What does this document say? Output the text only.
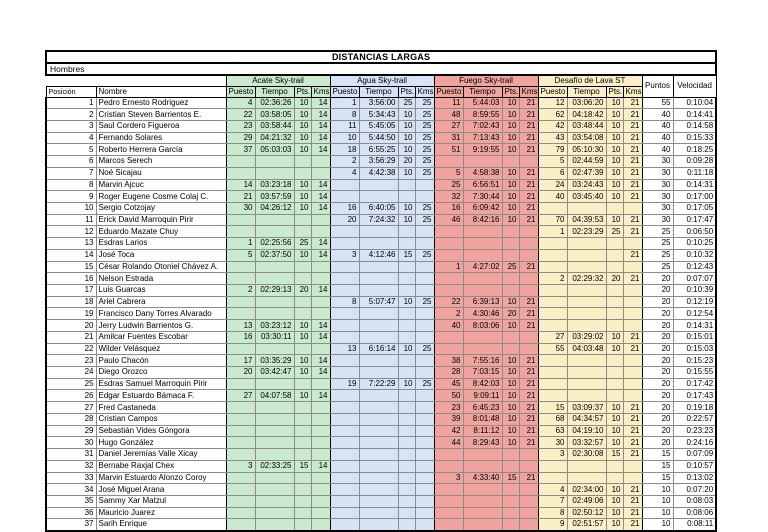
DISTANCIAS LARGAS																			
Hombres																			
		Acate Sky-trail				Agua Sky-trail				Fuego Sky-trail				Desafío de Lava ST				Puntos	Velocidad
Posición	Nombre	Puesto	Tiempo	Pts.	Kms	Puesto	Tiempo	Pts.	Kms	Puesto	Tiempo	Pts.	Kms	Puesto	Tiempo	Pts.	Kms		
1	Pedro Ernesto Rodriguez	4	02:36:26	10	14	1	3:56:00	25	25	11	5:44:03	10	21	12	03:06:20	10	21	55	0:10:04
2	Cristian Steven Barrientos E.	22	03:58:05	10	14	8	5:34:43	10	25	48	8:59:55	10	21	62	04:18:42	10	21	40	0:14:41
3	Saul Cordero Figueroa	23	03:58:44	10	14	11	5:45:05	10	25	27	7:02:43	10	21	42	03:48:44	10	21	40	0:14:58
4	Fernando Solares	29	04:21:32	10	14	10	5:44:50	10	25	31	7:13:43	10	21	43	03:54:08	10	21	40	0:15:33
5	Roberto Herrera García	37	05:03:03	10	14	18	6:55:25	10	25	51	9:19:55	10	21	79	05:10:30	10	21	40	0:18:25
6	Marcos Serech					2	3:56:29	20	25					5	02:44:59	10	21	30	0:09:28
7	Noé Sicajau					4	4:42:38	10	25	5	4:58:38	10	21	6	02:47:39	10	21	30	0:11:18
8	Marvin Ajcuc	14	03:23:18	10	14					25	6:56:51	10	21	24	03:24:43	10	21	30	0:14:31
9	Roger Eugene Cosme Colaj C.	21	03:57:59	10	14					32	7:30:44	10	21	40	03:45:40	10	21	30	0:17:00
10	Sergio Cotzojay	30	04:26:12	10	14	16	6:40:05	10	25	16	6:09:42	10	21					30	0:17:05
11	Erick David Marroquin Pirir					20	7:24:32	10	25	46	8:42:16	10	21	70	04:39:53	10	21	30	0:17:47
12	Eduardo Mazate Chuy													1	02:23:29	25	21	25	0:06:50
13	Esdras Larios	1	02:25:56	25	14													25	0:10:25
14	José Toca	5	02:37:50	10	14	3	4:12:46	15	25								21	25	0:10:32
15	César Rolando Otoniel Chávez A.									1	4:27:02	25	21					25	0:12:43
16	Nelson Estrada													2	02:29:32	20	21	20	0:07:07
17	Luis Guarcas	2	02:29:13	20	14													20	0:10:39
18	Ariel Cabrera					8	5:07:47	10	25	22	6:39:13	10	21					20	0:12:19
19	Francisco Dany Torres Alvarado									2	4:30:46	20	21					20	0:12:54
20	Jerry Ludwin Barrientos G.	13	03:23:12	10	14					40	8:03:06	10	21					20	0:14:31
21	Amilcar Fuentes Escobar	16	03:30:11	10	14									27	03:29:02	10	21	20	0:15:01
22	Wilder Velásquez					13	6:16:14	10	25					55	04:03:48	10	21	20	0:15:03
23	Paulo Chacón	17	03:35:29	10	14					38	7:55:16	10	21					20	0:15:23
24	Diego Orozco	20	03:42:47	10	14					28	7:03:15	10	21					20	0:15:55
25	Esdras Samuel Marroquin Pirir					19	7:22:29	10	25	45	8:42:03	10	21					20	0:17:42
26	Edgar Estuardo Bámaca F.	27	04:07:58	10	14					50	9:09:11	10	21					20	0:17:43
27	Fred Castaneda									23	6:45:23	10	21	15	03:09:37	10	21	20	0:19:18
28	Cristian Campos									39	8:01:48	10	21	68	04:34:57	10	21	20	0:22:57
29	Sebastián Vides Góngora									42	8:11:12	10	21	63	04:19:10	10	21	20	0:23:23
30	Hugo González									44	8:29:43	10	21	30	03:32:57	10	21	20	0:24:16
31	Daniel Jeremías Valle Xicay													3	02:30:08	15	21	15	0:07:09
32	Bernabe Raxjal Chex	3	02:33:25	15	14													15	0:10:57
33	Marvin Estuardo Alonzo Coroy									3	4:33:40	15	21					15	0:13:02
34	José Miguel Arana													4	02:34:00	10	21	10	0:07:20
35	Sammy Xar Matzul													7	02:49:06	10	21	10	0:08:03
36	Mauricio Juarez													8	02:50:12	10	21	10	0:08:06
37	Sarih Enrique													9	02:51:57	10	21	10	0:08:11
